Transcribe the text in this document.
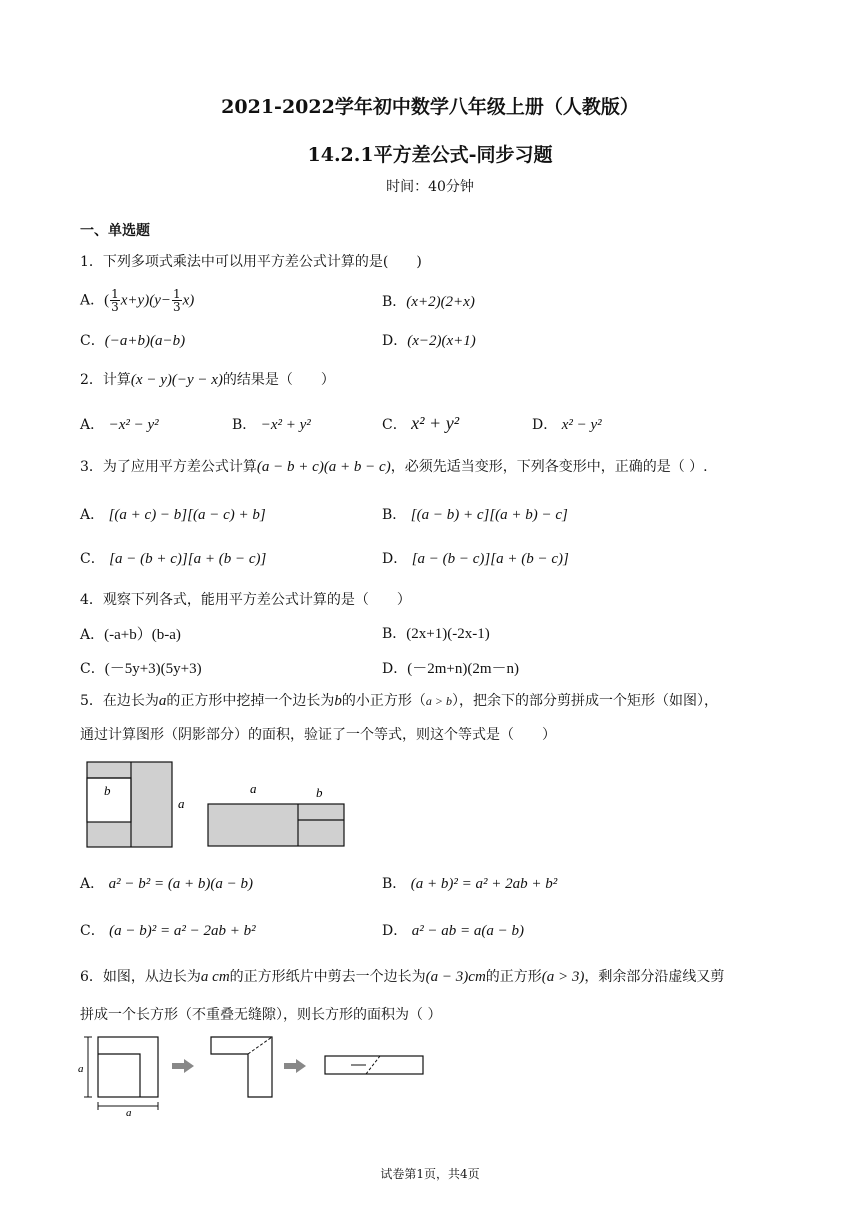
2021-2022学年初中数学八年级上册（人教版）
14.2.1平方差公式-同步习题
时间：40分钟
一、单选题
1．下列多项式乘法中可以用平方差公式计算的是(　　)
A．( $\frac{1}{3} x+y)(y- \frac{1}{3} x)$	B．(x+2)(2+x)
C．(−a+b)(a−b)	D．(x−2)(x+1)
2．计算(x − y)(−y − x)的结果是（　　）
A． −x² − y²	B． −x² + y²	C． x² + y²	D． x² − y²
3．为了应用平方差公式计算(a − b + c)(a + b − c)，必须先适当变形，下列各变形中，正确的是（ ）.
A． [(a + c) − b][(a − c) + b]	B． [(a − b) + c][(a + b) − c]
C． [a − (b + c)][a + (b − c)]	D． [a − (b − c)][a + (b − c)]
4．观察下列各式，能用平方差公式计算的是（　　）
A．(-a+b）(b-a)	B．(2x+1)(-2x-1)
C．(－5y+3)(5y+3)	D．(－2m+n)(2m－n)
5．在边长为a的正方形中挖掉一个边长为b的小正方形（a > b），把余下的部分剪拼成一个矩形（如图），
通过计算图形（阴影部分）的面积，验证了一个等式，则这个等式是（　　）
b
a
a	b
A． a² − b² = (a + b)(a − b)	B． (a + b)² = a² + 2ab + b²
C． (a − b)² = a² − 2ab + b²	D． a² − ab = a(a − b)
6．如图，从边长为a cm的正方形纸片中剪去一个边长为(a − 3)cm的正方形(a > 3)，剩余部分沿虚线又剪
拼成一个长方形（不重叠无缝隙），则长方形的面积为（ ）
a
a
试卷第1页，共4页
